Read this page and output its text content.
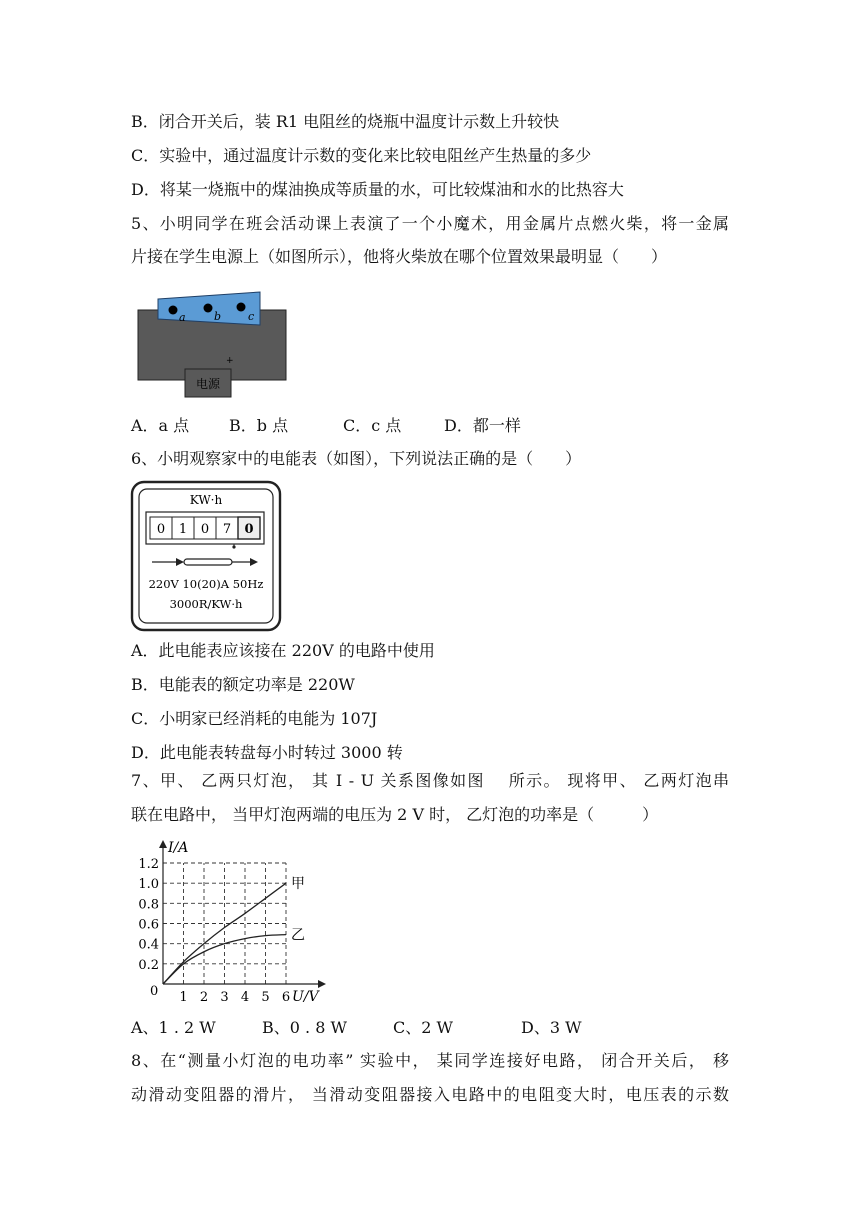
B．闭合开关后，装 R1 电阻丝的烧瓶中温度计示数上升较快
C．实验中，通过温度计示数的变化来比较电阻丝产生热量的多少
D．将某一烧瓶中的煤油换成等质量的水，可比较煤油和水的比热容大
5、小明同学在班会活动课上表演了一个小魔术，用金属片点燃火柴，将一金属
片接在学生电源上（如图所示），他将火柴放在哪个位置效果最明显（　　）
a	b c
+
电源
A．a 点 B．b 点	C．c 点	D．都一样
6、小明观察家中的电能表（如图），下列说法正确的是（　　）
KW·h
0 1 0 7 0
220V 10(20)A 50Hz
3000R/KW·h
A．此电能表应该接在 220V 的电路中使用
B．电能表的额定功率是 220W
C．小明家已经消耗的电能为 107J
D．此电能表转盘每小时转过 3000 转
7、甲、 乙两只灯泡， 其 I - U 关系图像如图　 所示。 现将甲、 乙两灯泡串
联在电路中， 当甲灯泡两端的电压为 2 V 时， 乙灯泡的功率是（　　　）
I/A
U/V
0 1 2 3 4 5 6
0.2
0.4
0.6
0.8
1.0
1.2
甲
乙
A、1 . 2 W	B、0 . 8 W	C、2 W	D、3 W
8、在“测量小灯泡的电功率” 实验中， 某同学连接好电路， 闭合开关后， 移
动滑动变阻器的滑片， 当滑动变阻器接入电路中的电阻变大时，电压表的示数
